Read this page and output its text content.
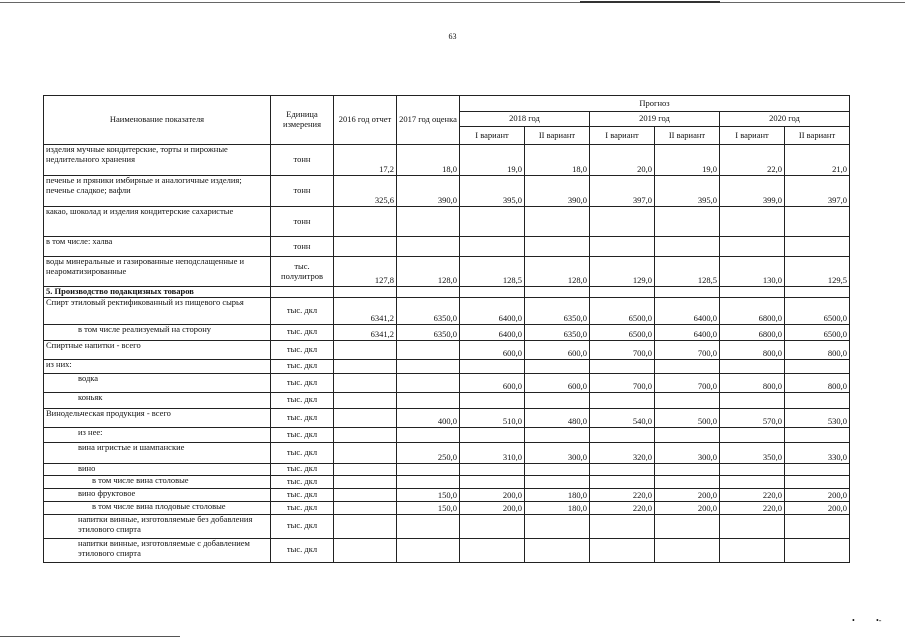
63
Наименование показателя	Единица измерения	2016 год отчет	2017 год оценка	Прогноз					
				2018 год		2019 год		2020 год	
				I вариант	II вариант	I вариант	II вариант	I вариант	II вариант
изделия мучные кондитерские, торты и пирожные недлительного хранения	тонн	17,2	18,0	19,0	18,0	20,0	19,0	22,0	21,0
печенье и пряники имбирные и аналогичные изделия; печенье сладкое; вафли	тонн	325,6	390,0	395,0	390,0	397,0	395,0	399,0	397,0
какао, шоколад и изделия кондитерские сахаристые	тонн								
в том числе: халва	тонн								
воды минеральные и газированные неподслащенные и неароматизированные	тыс. полулитров	127,8	128,0	128,5	128,0	129,0	128,5	130,0	129,5
5. Производство подакцизных товаров									
Спирт этиловый ректификованный из пищевого сырья	тыс. дкл	6341,2	6350,0	6400,0	6350,0	6500,0	6400,0	6800,0	6500,0
в том числе реализуемый на сторону	тыс. дкл	6341,2	6350,0	6400,0	6350,0	6500,0	6400,0	6800,0	6500,0
Спиртные напитки - всего	тыс. дкл			600,0	600,0	700,0	700,0	800,0	800,0
из них:	тыс. дкл								
водка	тыс. дкл			600,0	600,0	700,0	700,0	800,0	800,0
коньяк	тыс. дкл								
Винодельческая продукция - всего	тыс. дкл		400,0	510,0	480,0	540,0	500,0	570,0	530,0
из нее:	тыс. дкл								
вина игристые и шампанские	тыс. дкл		250,0	310,0	300,0	320,0	300,0	350,0	330,0
вино	тыс. дкл								
в том числе вина столовые	тыс. дкл								
вино фруктовое	тыс. дкл		150,0	200,0	180,0	220,0	200,0	220,0	200,0
в том числе вина плодовые столовые	тыс. дкл		150,0	200,0	180,0	220,0	200,0	220,0	200,0
напитки винные, изготовляемые без добавления этилового спирта	тыс. дкл								
напитки винные, изготовляемые с добавлением этилового спирта	тыс. дкл								
•	•-
